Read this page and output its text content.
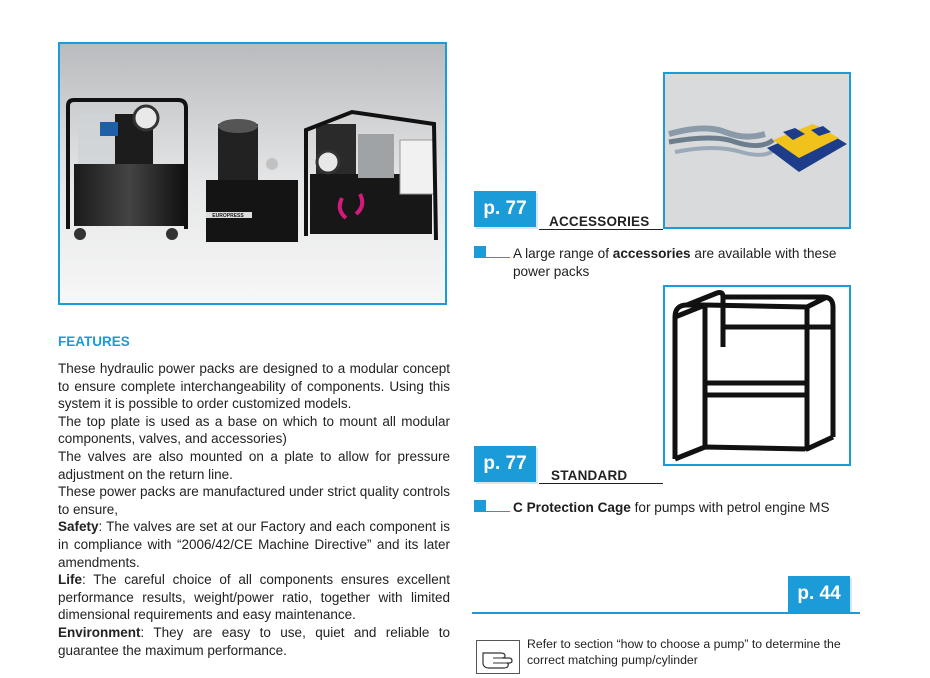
EUROPRESS
FEATURES

These hydraulic power packs are designed to a modular concept to ensure complete interchangeability of components. Using this system it is possible to order customized models.

The top plate is used as a base on which to mount all modular components, valves, and accessories)

The valves are also mounted on a plate to allow for pressure adjustment on the return line.

These power packs are manufactured under strict quality controls to ensure,

Safety: The valves are set at our Factory and each component is in compliance with “2006/42/CE Machine Directive” and its later amendments.

Life: The careful choice of all components ensures excellent performance results, weight/power ratio, together with limited dimensional requirements and easy maintenance.

Environment: They are easy to use, quiet and reliable to guarantee the maximum performance.

p. 77
ACCESSORIES
A large range of accessories are available with these power packs
p. 77
STANDARD
C Protection Cage for pumps with petrol engine MS
p. 44
Refer to section “how to choose a pump” to determine the correct matching pump/cylinder
